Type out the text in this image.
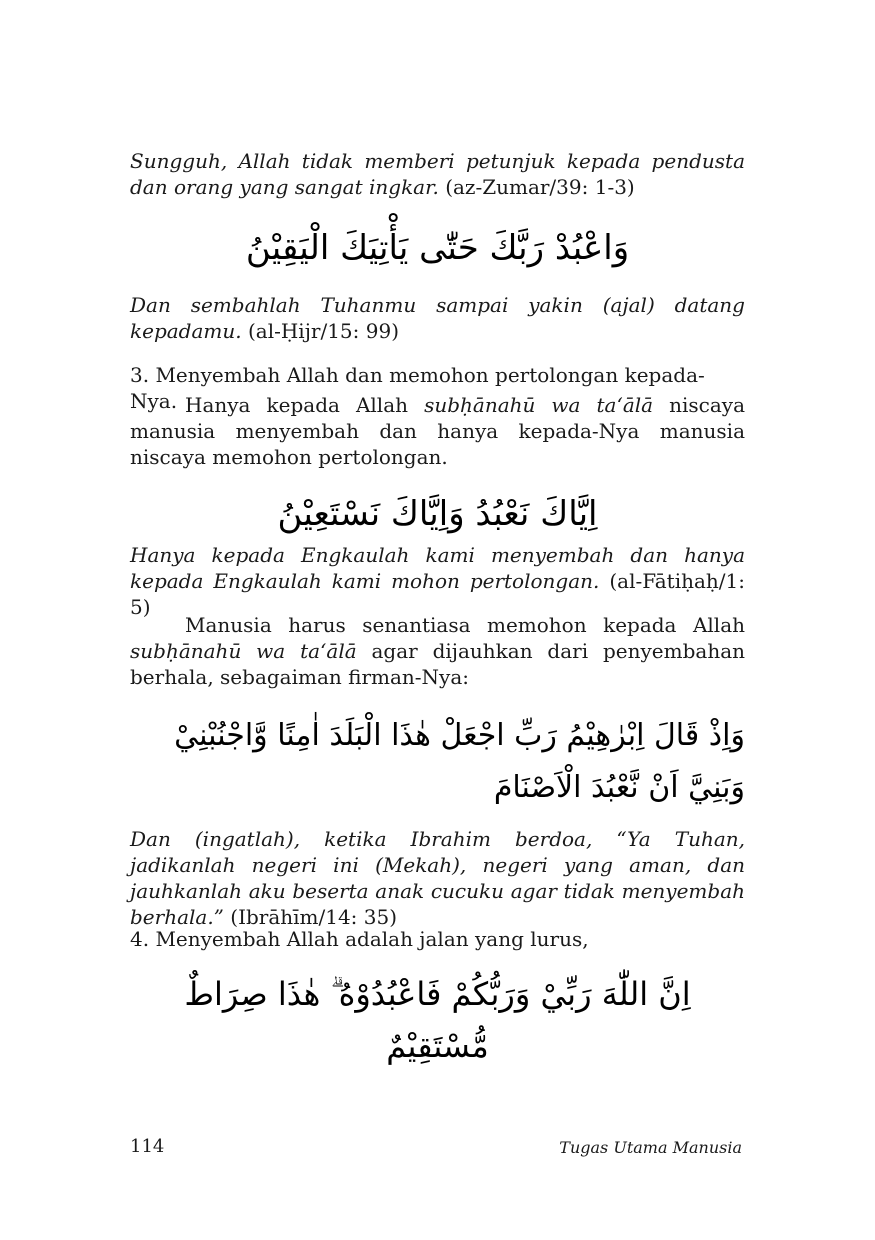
Sungguh, Allah tidak memberi petunjuk kepada pendusta dan orang yang sangat ingkar. (az-Zumar/39: 1-3)

وَاعْبُدْ رَبَّكَ حَتّٰى يَأْتِيَكَ الْيَقِيْنُ

Dan sembahlah Tuhanmu sampai yakin (ajal) datang kepadamu. (al-Ḥijr/15: 99)

3. Menyembah Allah dan memohon pertolongan kepada-Nya. Hanya kepada Allah subḥānahū wa ta‘ālā niscaya manusia menyembah dan hanya kepada-Nya manusia niscaya memohon pertolongan.

اِيَّاكَ نَعْبُدُ وَاِيَّاكَ نَسْتَعِيْنُ

Hanya kepada Engkaulah kami menyembah dan hanya kepada Engkaulah kami mohon pertolongan. (al-Fātiḥaḥ/1: 5)

Manusia harus senantiasa memohon kepada Allah subḥānahū wa ta‘ālā agar dijauhkan dari penyembahan berhala, sebagaiman firman-Nya:

وَاِذْ قَالَ اِبْرٰهِيْمُ رَبِّ اجْعَلْ هٰذَا الْبَلَدَ اٰمِنًا وَّاجْنُبْنِيْ وَبَنِيَّ اَنْ نَّعْبُدَ الْاَصْنَامَ

Dan (ingatlah), ketika Ibrahim berdoa, “Ya Tuhan, jadikanlah negeri ini (Mekah), negeri yang aman, dan jauhkanlah aku beserta anak cucuku agar tidak menyembah berhala.” (Ibrāhīm/14: 35)

4. Menyembah Allah adalah jalan yang lurus,

اِنَّ اللّٰهَ رَبِّيْ وَرَبُّكُمْ فَاعْبُدُوْهُ ۗ هٰذَا صِرَاطٌ مُّسْتَقِيْمٌ
114	Tugas Utama Manusia
